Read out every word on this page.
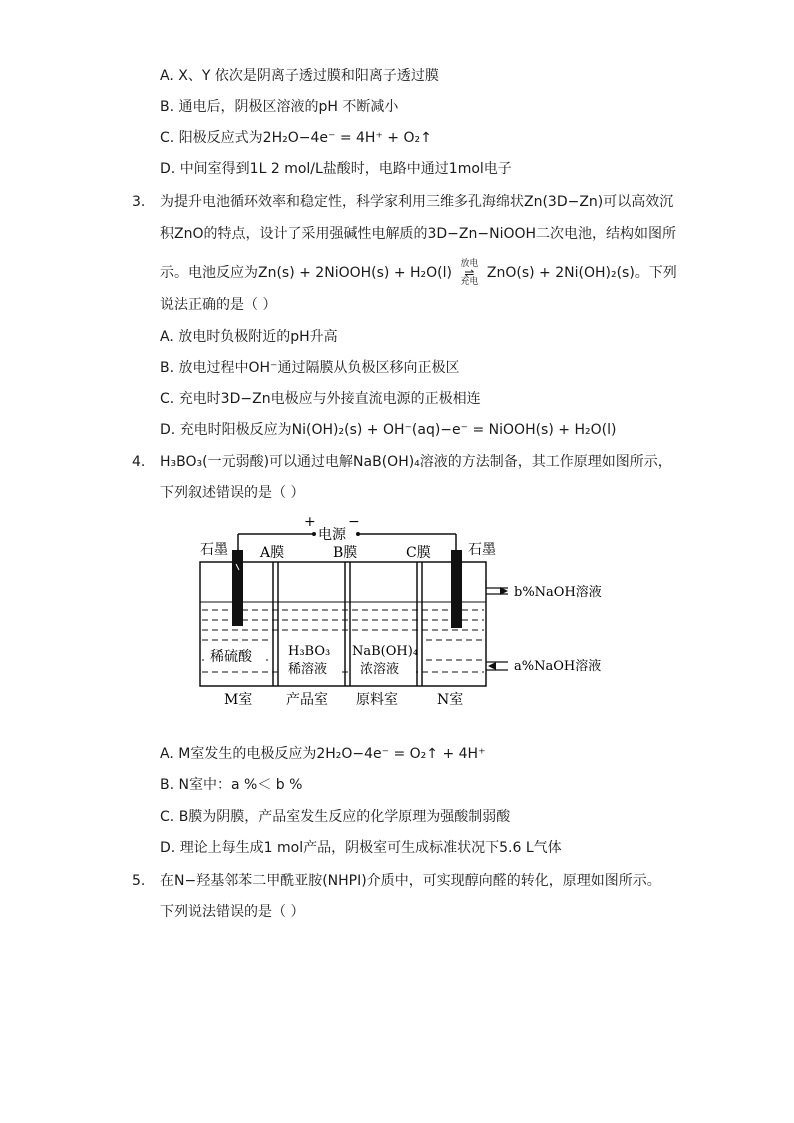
A. X、Y 依次是阴离子透过膜和阳离子透过膜
B. 通电后，阴极区溶液的pH 不断减小
C. 阳极反应式为2H₂O−4e⁻ = 4H⁺ + O₂↑
D. 中间室得到1L 2 mol/L盐酸时，电路中通过1mol电子
3. 为提升电池循环效率和稳定性，科学家利用三维多孔海绵状Zn(3D−Zn)可以高效沉
积ZnO的特点，设计了采用强碱性电解质的3D−Zn−NiOOH二次电池，结构如图所
示。电池反应为Zn(s) + 2NiOOH(s) + H₂O(l) 放电
⇌
充电 ZnO(s) + 2Ni(OH)₂(s)。下列
说法正确的是（ ）
A. 放电时负极附近的pH升高
B. 放电过程中OH⁻通过隔膜从负极区移向正极区
C. 充电时3D−Zn电极应与外接直流电源的正极相连
D. 充电时阳极反应为Ni(OH)₂(s) + OH⁻(aq)−e⁻ = NiOOH(s) + H₂O(l)
4. H₃BO₃(一元弱酸)可以通过电解NaB(OH)₄溶液的方法制备，其工作原理如图所示，
下列叙述错误的是（ ）
+
电源
−
石墨 A膜	B膜	C膜	石墨
稀硫酸	H₃BO₃
稀溶液
NaB(OH)₄
浓溶液
b%NaOH溶液
a%NaOH溶液
M室 产品室 原料室	N室
A. M室发生的电极反应为2H₂O−4e⁻ = O₂↑ + 4H⁺
B. N室中：a %＜ b %
C. B膜为阴膜，产品室发生反应的化学原理为强酸制弱酸
D. 理论上每生成1 mol产品，阴极室可生成标准状况下5.6 L气体
5. 在N−羟基邻苯二甲酰亚胺(NHPI)介质中，可实现醇向醛的转化，原理如图所示。
下列说法错误的是（ ）
